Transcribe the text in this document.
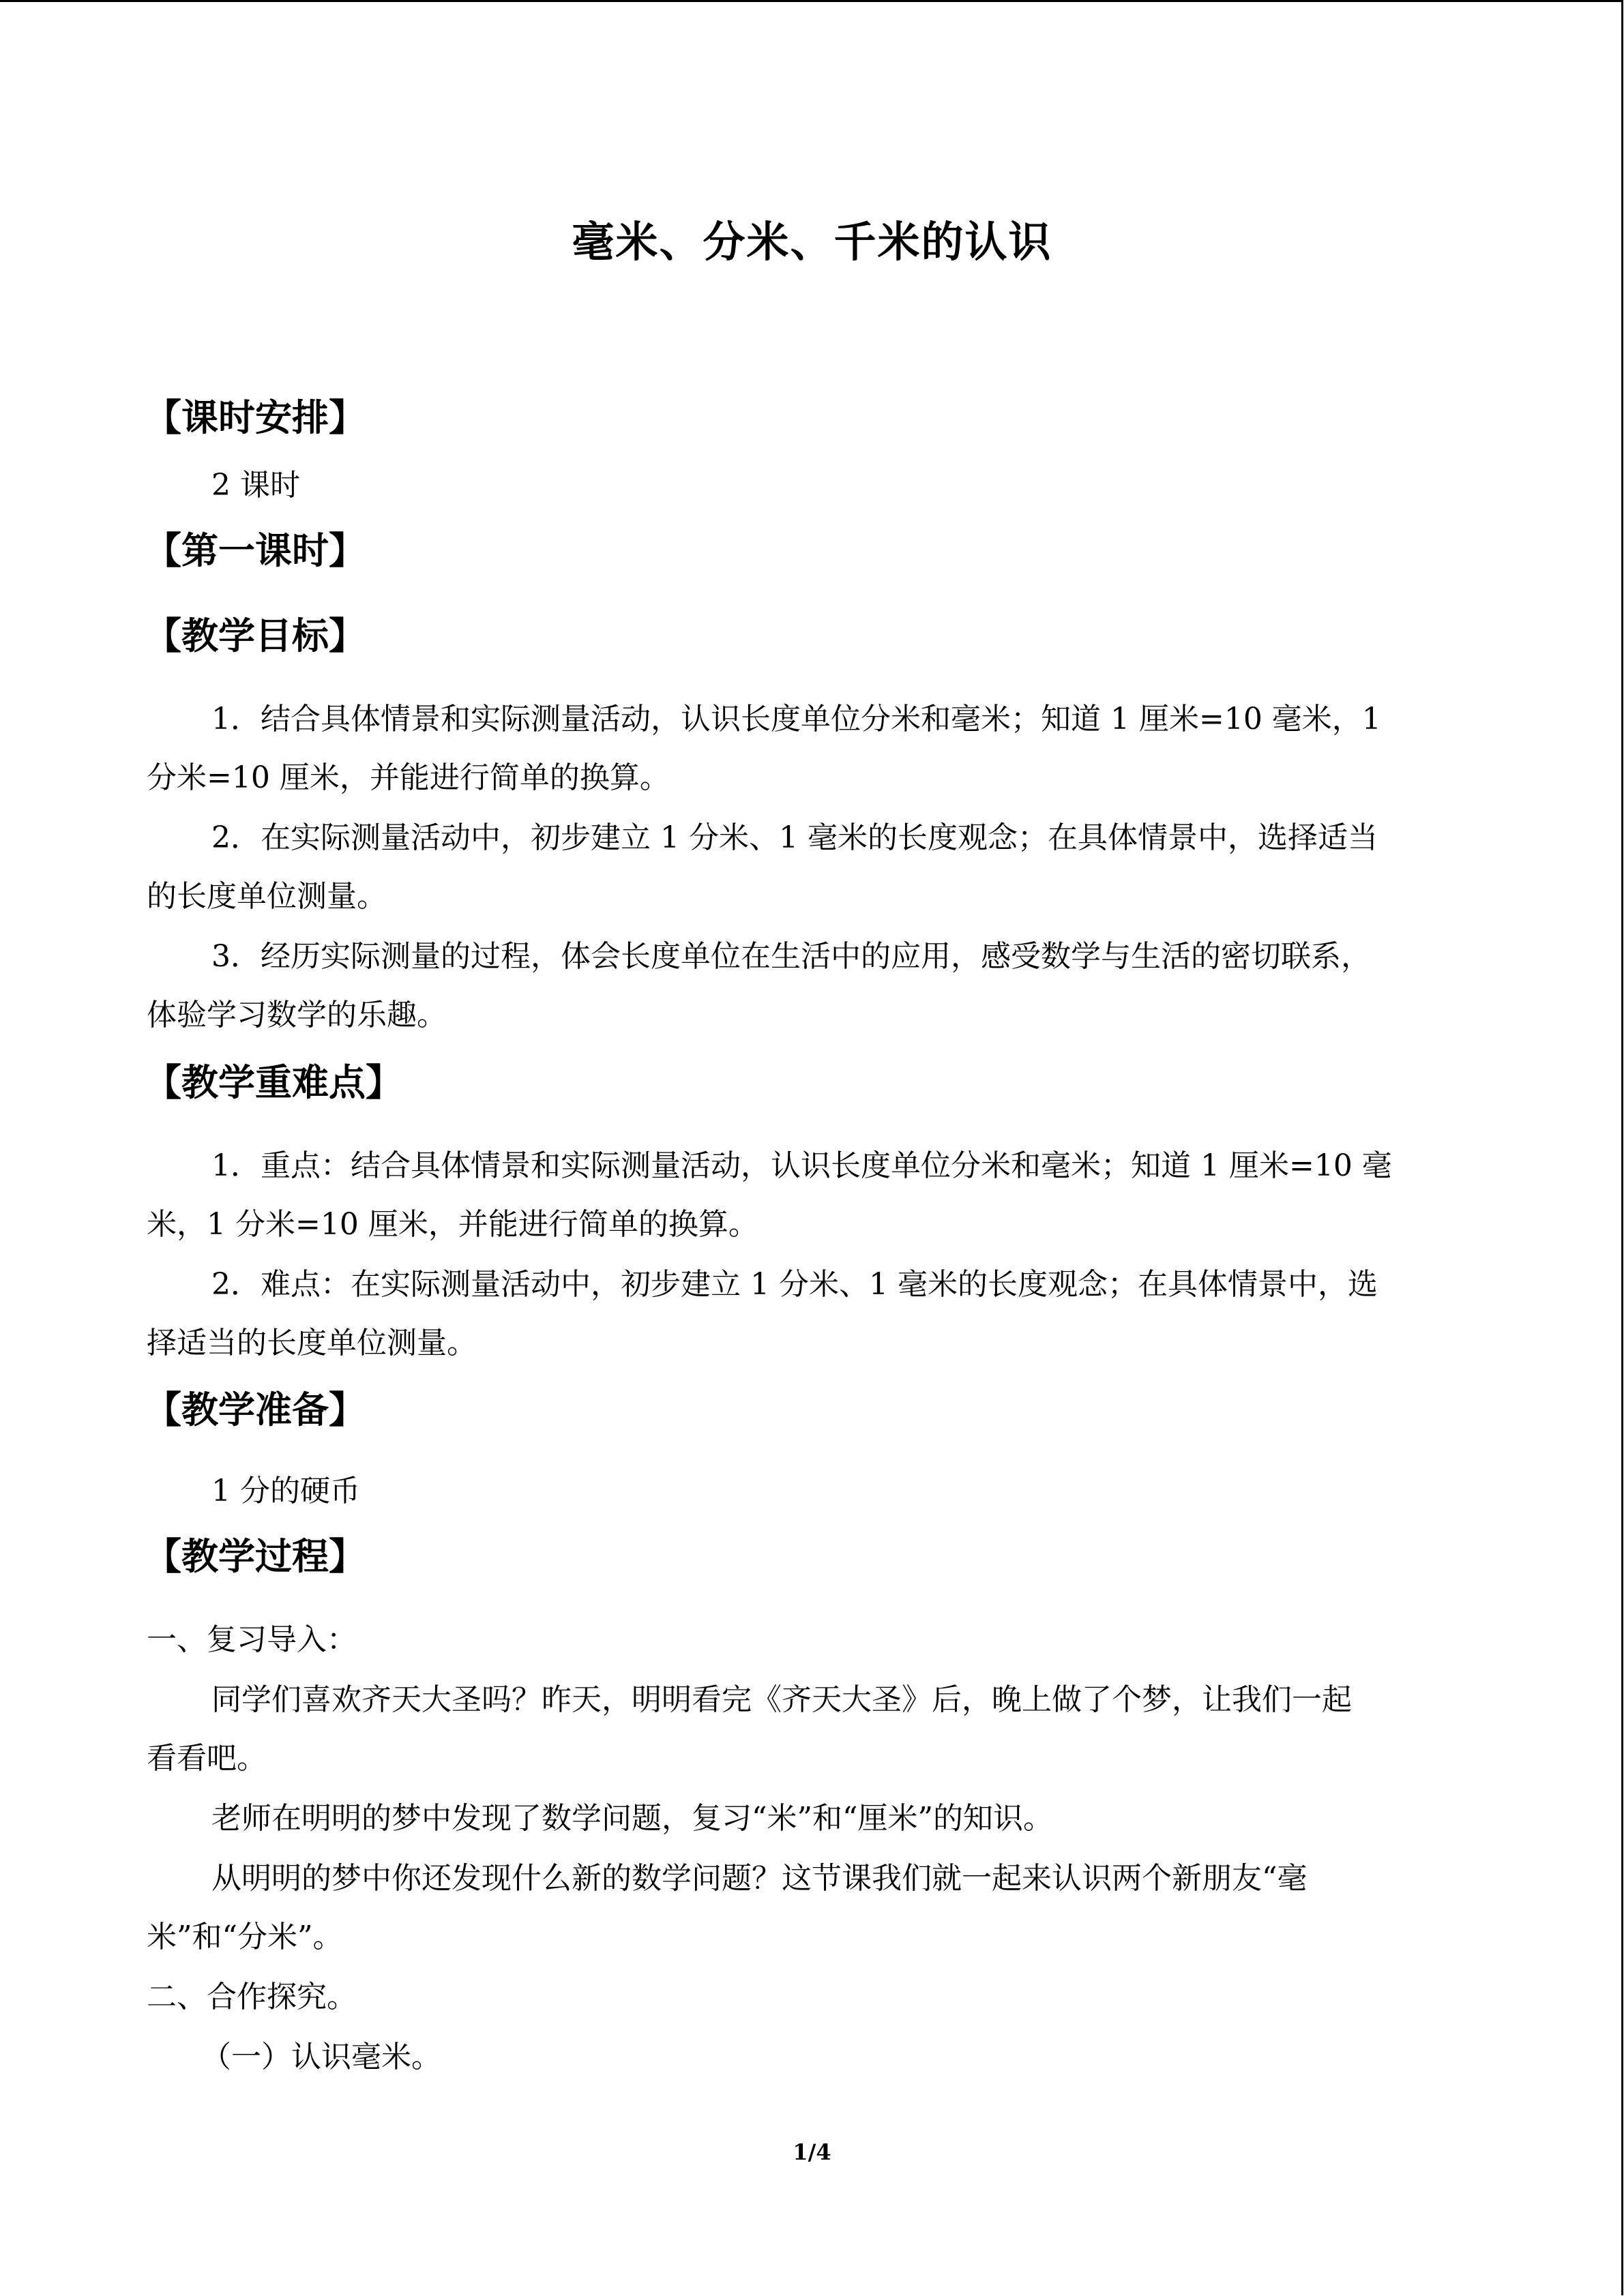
毫米、分米、千米的认识
【课时安排】
2 课时
【第一课时】
【教学目标】
1．结合具体情景和实际测量活动，认识长度单位分米和毫米；知道 1 厘米=10 毫米，1
分米=10 厘米，并能进行简单的换算。
2．在实际测量活动中，初步建立 1 分米、1 毫米的长度观念；在具体情景中，选择适当
的长度单位测量。
3．经历实际测量的过程，体会长度单位在生活中的应用，感受数学与生活的密切联系，
体验学习数学的乐趣。
【教学重难点】
1．重点：结合具体情景和实际测量活动，认识长度单位分米和毫米；知道 1 厘米=10 毫
米，1 分米=10 厘米，并能进行简单的换算。
2．难点：在实际测量活动中，初步建立 1 分米、1 毫米的长度观念；在具体情景中，选
择适当的长度单位测量。
【教学准备】
1 分的硬币
【教学过程】
一、复习导入：
同学们喜欢齐天大圣吗？昨天，明明看完《齐天大圣》后，晚上做了个梦，让我们一起
看看吧。
老师在明明的梦中发现了数学问题，复习“米”和“厘米”的知识。
从明明的梦中你还发现什么新的数学问题？这节课我们就一起来认识两个新朋友“毫
米”和“分米”。
二、合作探究。
（一）认识毫米。
1/4
